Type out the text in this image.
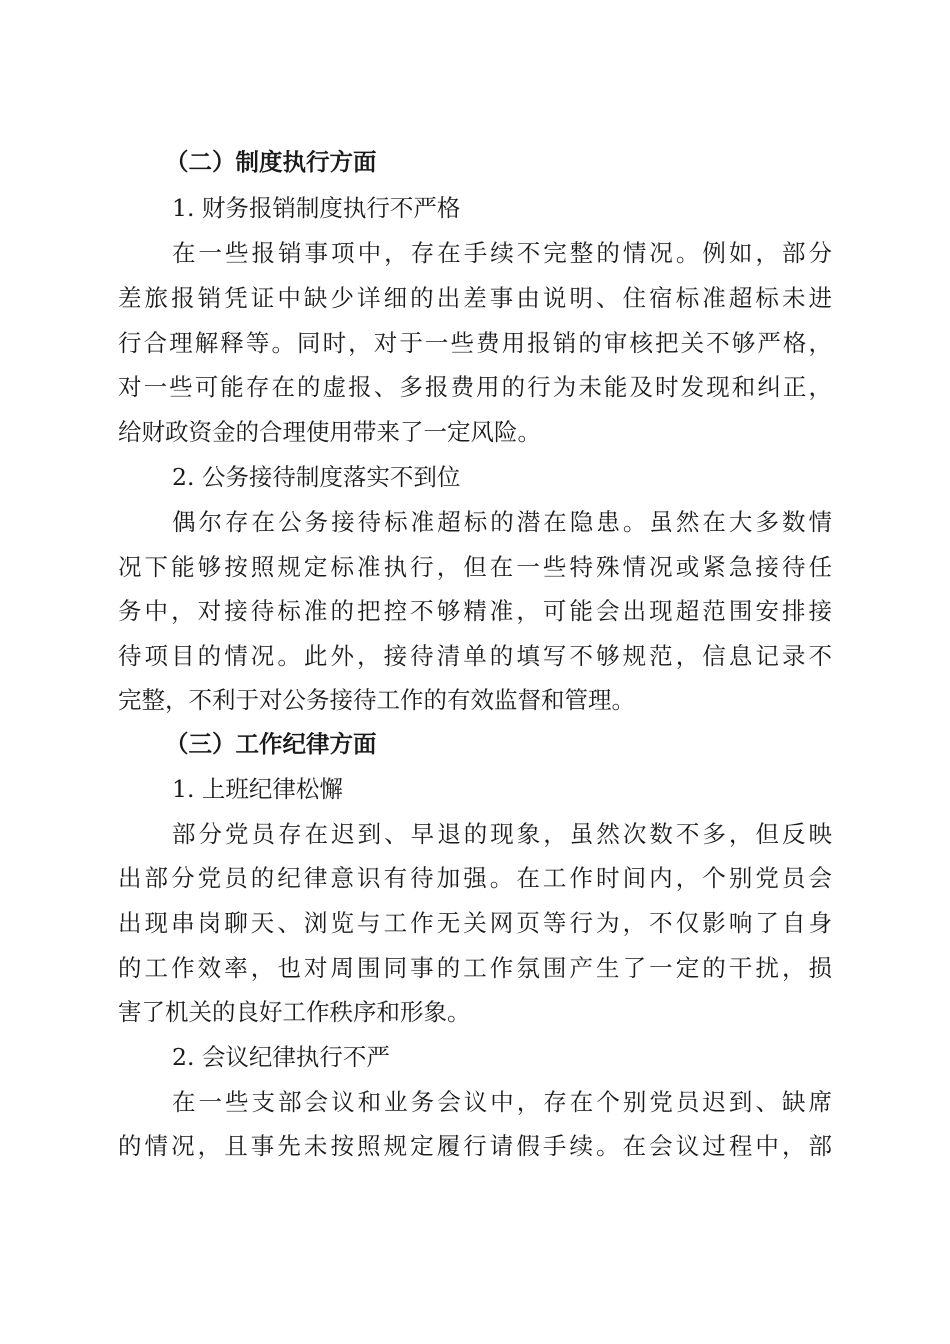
（二）制度执行方面
1. 财务报销制度执行不严格
在一些报销事项中，存在手续不完整的情况。例如，部分
差旅报销凭证中缺少详细的出差事由说明、住宿标准超标未进
行合理解释等。同时，对于一些费用报销的审核把关不够严格，
对一些可能存在的虚报、多报费用的行为未能及时发现和纠正，
给财政资金的合理使用带来了一定风险。
2. 公务接待制度落实不到位
偶尔存在公务接待标准超标的潜在隐患。虽然在大多数情
况下能够按照规定标准执行，但在一些特殊情况或紧急接待任
务中，对接待标准的把控不够精准，可能会出现超范围安排接
待项目的情况。此外，接待清单的填写不够规范，信息记录不
完整，不利于对公务接待工作的有效监督和管理。
（三）工作纪律方面
1. 上班纪律松懈
部分党员存在迟到、早退的现象，虽然次数不多，但反映
出部分党员的纪律意识有待加强。在工作时间内，个别党员会
出现串岗聊天、浏览与工作无关网页等行为，不仅影响了自身
的工作效率，也对周围同事的工作氛围产生了一定的干扰，损
害了机关的良好工作秩序和形象。
2. 会议纪律执行不严
在一些支部会议和业务会议中，存在个别党员迟到、缺席
的情况，且事先未按照规定履行请假手续。在会议过程中，部
